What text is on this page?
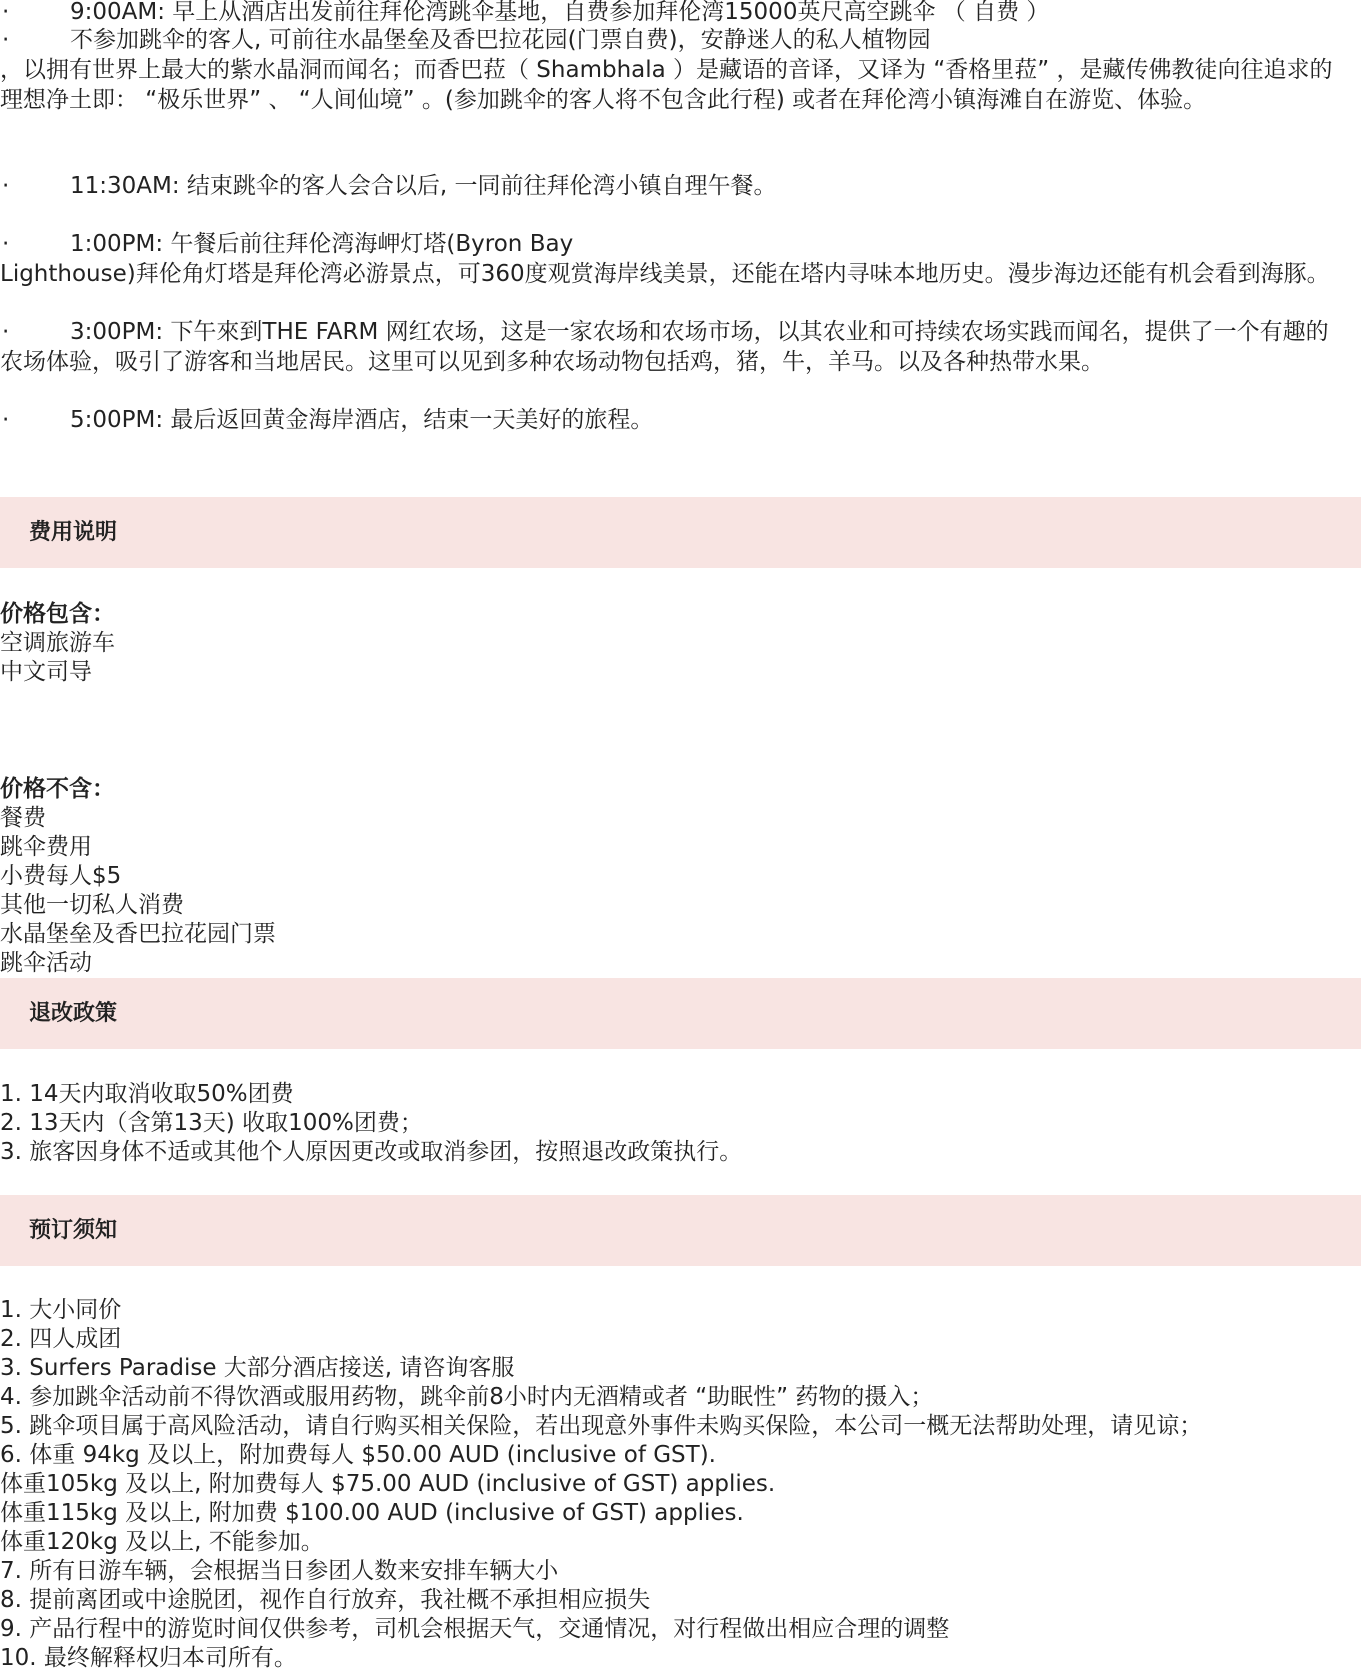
·	9:00AM: 早上从酒店出发前往拜伦湾跳伞基地，自费参加拜伦湾15000英尺高空跳伞 （ 自费 ）
·	不参加跳伞的客人, 可前往水晶堡垒及香巴拉花园(门票自费)，安静迷人的私人植物园
，以拥有世界上最大的紫水晶洞而闻名；而香巴菈（ Shambhala ）是藏语的音译，又译为 “香格里菈” ，是藏传佛教徒向往追求的
理想净土即： “极乐世界” 、 “人间仙境” 。(参加跳伞的客人将不包含此行程) 或者在拜伦湾小镇海滩自在游览、体验。
·	11:30AM: 结束跳伞的客人会合以后, 一同前往拜伦湾小镇自理午餐。
·	1:00PM: 午餐后前往拜伦湾海岬灯塔(Byron Bay
Lighthouse)拜伦角灯塔是拜伦湾必游景点，可360度观赏海岸线美景，还能在塔内寻味本地历史。漫步海边还能有机会看到海豚。
·	3:00PM: 下午來到THE FARM 网红农场，这是一家农场和农场市场，以其农业和可持续农场实践而闻名，提供了一个有趣的
农场体验，吸引了游客和当地居民。这里可以见到多种农场动物包括鸡，猪，牛，羊马。以及各种热带水果。
·	5:00PM: 最后返回黄金海岸酒店，结束一天美好的旅程。
费用说明
价格包含：
空调旅游车
中文司导
价格不含：
餐费
跳伞费用
小费每人$5
其他一切私人消费
水晶堡垒及香巴拉花园门票
跳伞活动
退改政策
1. 14天内取消收取50%团费
2. 13天内（含第13天) 收取100%团费；
3. 旅客因身体不适或其他个人原因更改或取消参团，按照退改政策执行。
预订须知
1. 大小同价
2. 四人成团
3. Surfers Paradise 大部分酒店接送, 请咨询客服
4. 参加跳伞活动前不得饮酒或服用药物，跳伞前8小时内无酒精或者 “助眠性” 药物的摄入；
5. 跳伞项目属于高风险活动，请自行购买相关保险，若出现意外事件未购买保险，本公司一概无法帮助处理，请见谅；
6. 体重 94kg 及以上，附加费每人 $50.00 AUD (inclusive of GST).
体重105kg 及以上, 附加费每人 $75.00 AUD (inclusive of GST) applies.
体重115kg 及以上, 附加费 $100.00 AUD (inclusive of GST) applies.
体重120kg 及以上, 不能参加。
7. 所有日游车辆，会根据当日参团人数来安排车辆大小
8. 提前离团或中途脱团，视作自行放弃，我社概不承担相应损失
9. 产品行程中的游览时间仅供参考，司机会根据天气，交通情况，对行程做出相应合理的调整
10. 最终解释权归本司所有。
